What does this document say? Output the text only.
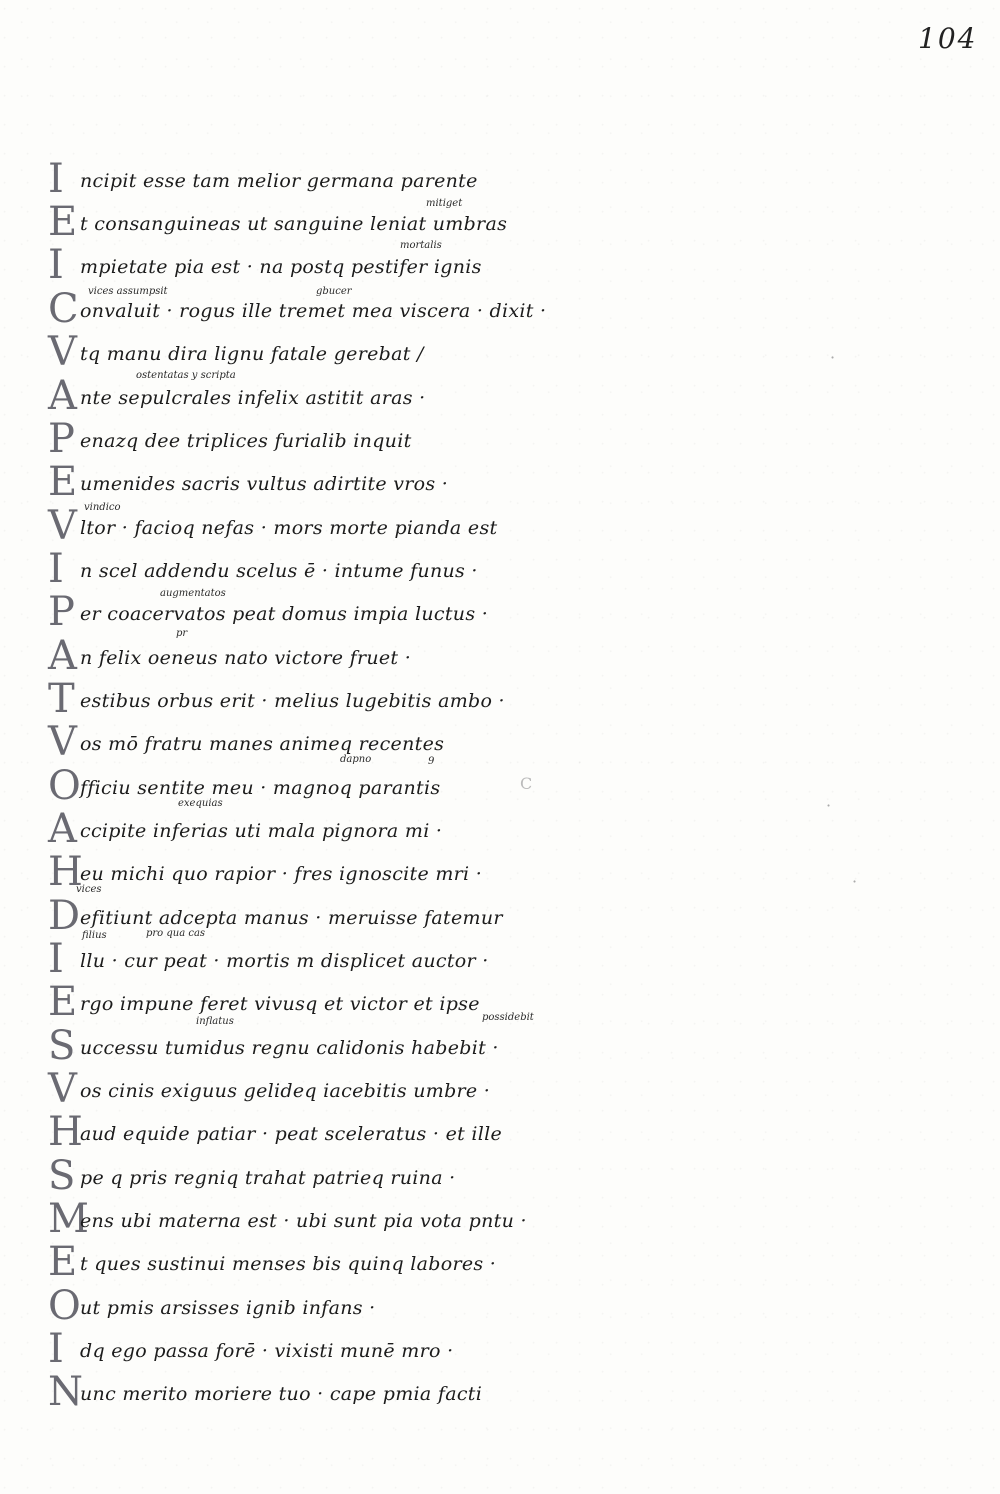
104
I ncipit esse tam melior germana parente
E t consanguineas ut sanguine leniat umbras
I mpietate pia est · na postq pestifer ignis
C onvaluit · rogus ille tremet mea viscera · dixit ·
V tq manu dira lignu fatale gerebat /
A nte sepulcrales infelix astitit aras ·
P enazq dee triplices furialib inquit
E umenides sacris vultus adirtite vros ·
V ltor · facioq nefas · mors morte pianda est
I n scel addendu scelus ē · intume funus ·
P er coacervatos peat domus impia luctus ·
A n felix oeneus nato victore fruet ·
T estibus orbus erit · melius lugebitis ambo ·
V os mō fratru manes animeq recentes
O fficiu sentite meu · magnoq parantis
A ccipite inferias uti mala pignora mi ·
H
eu michi quo rapior · fres ignoscite mri ·
D efitiunt adcepta manus · meruisse fatemur
I llu · cur peat · mortis m displicet auctor ·
E rgo impune feret vivusq et victor et ipse
S uccessu tumidus regnu calidonis habebit ·
V os cinis exiguus gelideq iacebitis umbre ·
H
aud equide patiar · peat sceleratus · et ille
S pe q pris regniq trahat patrieq ruina ·
M
ens ubi materna est · ubi sunt pia vota pntu ·
E t ques sustinui menses bis quinq labores ·
O ut pmis arsisses ignib infans ·
I dq ego passa forē · vixisti munē mro ·
N
unc merito moriere tuo · cape pmia facti
mitiget
mortalis
vices assumpsit	gbucer
ostentatas y scripta
vindico
augmentatos
pr
dapno	9
exequias
vices
filius	pro qua cas
inflatus	possidebit
C
·
·
·
